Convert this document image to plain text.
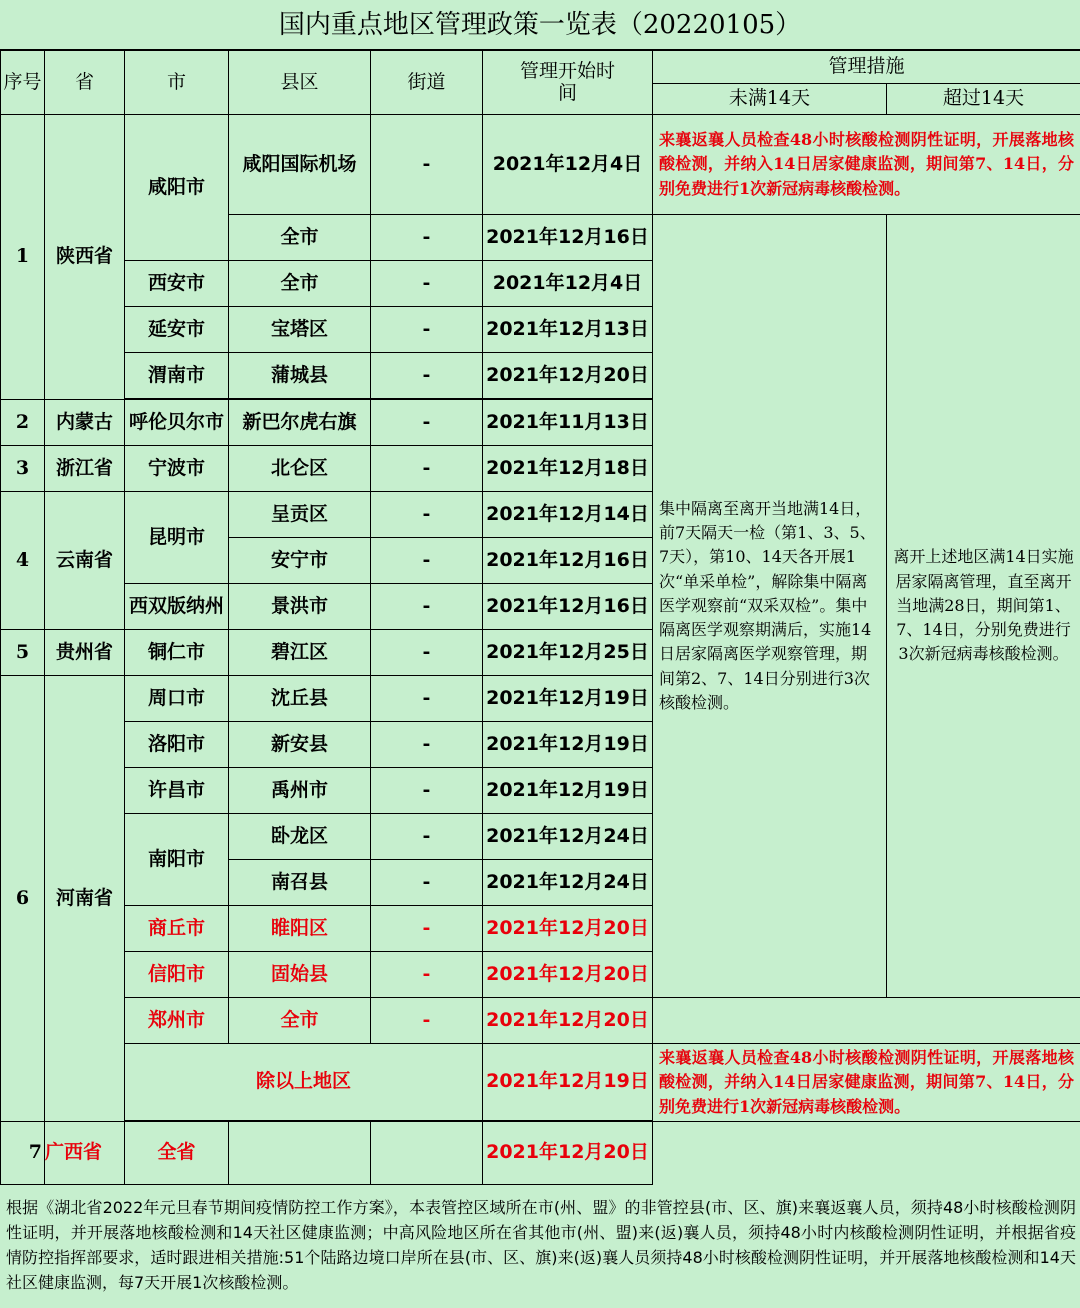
国内重点地区管理政策一览表（20220105）
序号	省	市	县区	街道	管理开始时间	管理措施	
						未满14天	超过14天
1	陕西省	咸阳市	咸阳国际机场	-	2021年12月4日	来襄返襄人员检查48小时核酸检测阴性证明，开展落地核酸检测，并纳入14日居家健康监测，期间第7、14日，分别免费进行1次新冠病毒核酸检测。	
			全市	-	2021年12月16日	集中隔离至离开当地满14日，前7天隔天一检（第1、3、5、7天），第10、14天各开展1次“单采单检”，解除集中隔离医学观察前“双采双检”。集中隔离医学观察期满后，实施14日居家隔离医学观察管理，期间第2、7、14日分别进行3次核酸检测。	离开上述地区满14日实施居家隔离管理，直至离开当地满28日，期间第1、7、14日，分别免费进行3次新冠病毒核酸检测。
		西安市	全市	-	2021年12月4日		
		延安市	宝塔区	-	2021年12月13日		
		渭南市	蒲城县	-	2021年12月20日		

2	内蒙古	呼伦贝尔市	新巴尔虎右旗	-	2021年11月13日		
3	浙江省	宁波市	北仑区	-	2021年12月18日		
4	云南省	昆明市	呈贡区	-	2021年12月14日		
			安宁市	-	2021年12月16日		
		西双版纳州	景洪市	-	2021年12月16日		
5	贵州省	铜仁市	碧江区	-	2021年12月25日		
6	河南省	周口市	沈丘县	-	2021年12月19日		
		洛阳市	新安县	-	2021年12月19日		
		许昌市	禹州市	-	2021年12月19日		
		南阳市	卧龙区	-	2021年12月24日		
			南召县	-	2021年12月24日		
		商丘市	睢阳区	-	2021年12月20日		
		信阳市	固始县	-	2021年12月20日		
		郑州市	全市	-	2021年12月20日		
		除以上地区			2021年12月19日	来襄返襄人员检查48小时核酸检测阴性证明，开展落地核酸检测，并纳入14日居家健康监测，期间第7、14日，分别免费进行1次新冠病毒核酸检测。	

7	广西省	全省			2021年12月20日		
根据《湖北省2022年元旦春节期间疫情防控工作方案》，本表管控区域所在市(州、盟》的非管控县(市、区、旗)来襄返襄人员，须持48小时核酸检测阴性证明，并开展落地核酸检测和14天社区健康监测；中高风险地区所在省其他市(州、盟)来(返)襄人员，须持48小时内核酸检测阴性证明，并根据省疫情防控指挥部要求，适时跟进相关措施:51个陆路边境口岸所在县(市、区、旗)来(返)襄人员须持48小时核酸检测阴性证明，并开展落地核酸检测和14天社区健康监测，每7天开展1次核酸检测。
